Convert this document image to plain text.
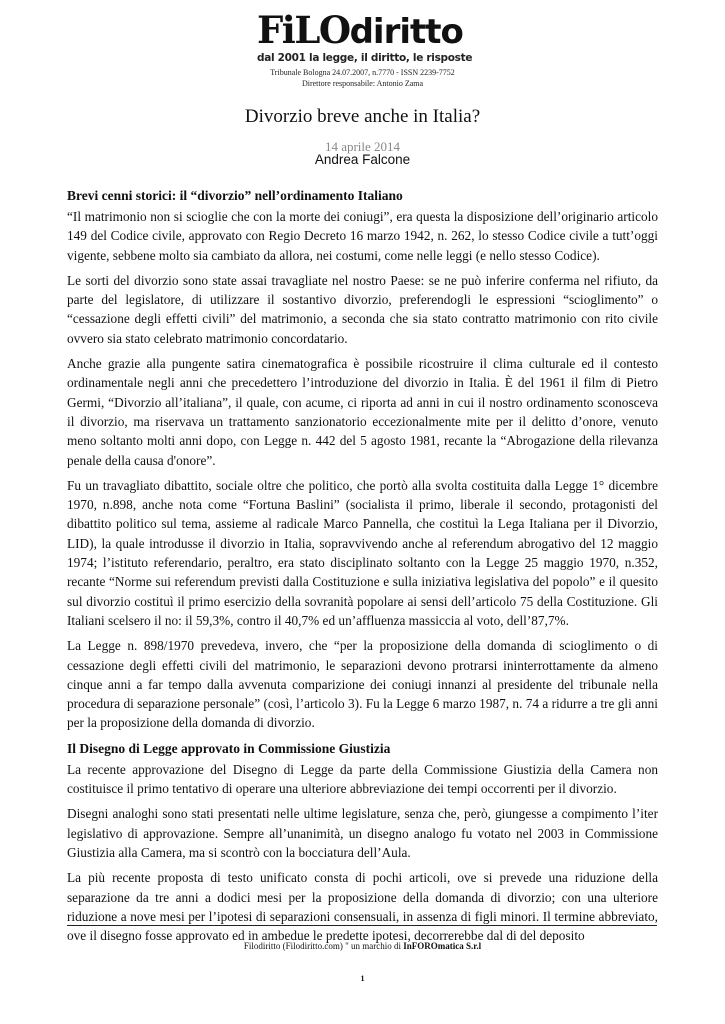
FiLOdiritto
dal 2001 la legge, il diritto, le risposte
Tribunale Bologna 24.07.2007, n.7770 - ISSN 2239-7752
Direttore responsabile: Antonio Zama
Divorzio breve anche in Italia?
14 aprile 2014
Andrea Falcone
Brevi cenni storici: il “divorzio” nell’ordinamento Italiano

“Il matrimonio non si scioglie che con la morte dei coniugi”, era questa la disposizione dell’originario articolo 149 del Codice civile, approvato con Regio Decreto 16 marzo 1942, n. 262, lo stesso Codice civile a tutt’oggi vigente, sebbene molto sia cambiato da allora, nei costumi, come nelle leggi (e nello stesso Codice).

Le sorti del divorzio sono state assai travagliate nel nostro Paese: se ne può inferire conferma nel rifiuto, da parte del legislatore, di utilizzare il sostantivo divorzio, preferendogli le espressioni “scioglimento” o “cessazione degli effetti civili” del matrimonio, a seconda che sia stato contratto matrimonio con rito civile ovvero sia stato celebrato matrimonio concordatario.

Anche grazie alla pungente satira cinematografica è possibile ricostruire il clima culturale ed il contesto ordinamentale negli anni che precedettero l’introduzione del divorzio in Italia. È del 1961 il film di Pietro Germi, “Divorzio all’italiana”, il quale, con acume, ci riporta ad anni in cui il nostro ordinamento sconosceva il divorzio, ma riservava un trattamento sanzionatorio eccezionalmente mite per il delitto d’onore, venuto meno soltanto molti anni dopo, con Legge n. 442 del 5 agosto 1981, recante la “Abrogazione della rilevanza penale della causa d'onore”.

Fu un travagliato dibattito, sociale oltre che politico, che portò alla svolta costituita dalla Legge 1° dicembre 1970, n.898, anche nota come “Fortuna Baslini” (socialista il primo, liberale il secondo, protagonisti del dibattito politico sul tema, assieme al radicale Marco Pannella, che costituì la Lega Italiana per il Divorzio, LID), la quale introdusse il divorzio in Italia, sopravvivendo anche al referendum abrogativo del 12 maggio 1974; l’istituto referendario, peraltro, era stato disciplinato soltanto con la Legge 25 maggio 1970, n.352, recante “Norme sui referendum previsti dalla Costituzione e sulla iniziativa legislativa del popolo” e il quesito sul divorzio costituì il primo esercizio della sovranità popolare ai sensi dell’articolo 75 della Costituzione. Gli Italiani scelsero il no: il 59,3%, contro il 40,7% ed un’affluenza massiccia al voto, dell’87,7%.

La Legge n. 898/1970 prevedeva, invero, che “per la proposizione della domanda di scioglimento o di cessazione degli effetti civili del matrimonio, le separazioni devono protrarsi ininterrottamente da almeno cinque anni a far tempo dalla avvenuta comparizione dei coniugi innanzi al presidente del tribunale nella procedura di separazione personale” (così, l’articolo 3). Fu la Legge 6 marzo 1987, n. 74 a ridurre a tre gli anni per la proposizione della domanda di divorzio.

Il Disegno di Legge approvato in Commissione Giustizia

La recente approvazione del Disegno di Legge da parte della Commissione Giustizia della Camera non costituisce il primo tentativo di operare una ulteriore abbreviazione dei tempi occorrenti per il divorzio.

Disegni analoghi sono stati presentati nelle ultime legislature, senza che, però, giungesse a compimento l’iter legislativo di approvazione. Sempre all’unanimità, un disegno analogo fu votato nel 2003 in Commissione Giustizia alla Camera, ma si scontrò con la bocciatura dell’Aula.

La più recente proposta di testo unificato consta di pochi articoli, ove si prevede una riduzione della separazione da tre anni a dodici mesi per la proposizione della domanda di divorzio; con una ulteriore riduzione a nove mesi per l’ipotesi di separazioni consensuali, in assenza di figli minori. Il termine abbreviato, ove il disegno fosse approvato ed in ambedue le predette ipotesi, decorrerebbe dal di del deposito

Filodiritto (Filodiritto.com) " un marchio di InFOROmatica S.r.l
1
